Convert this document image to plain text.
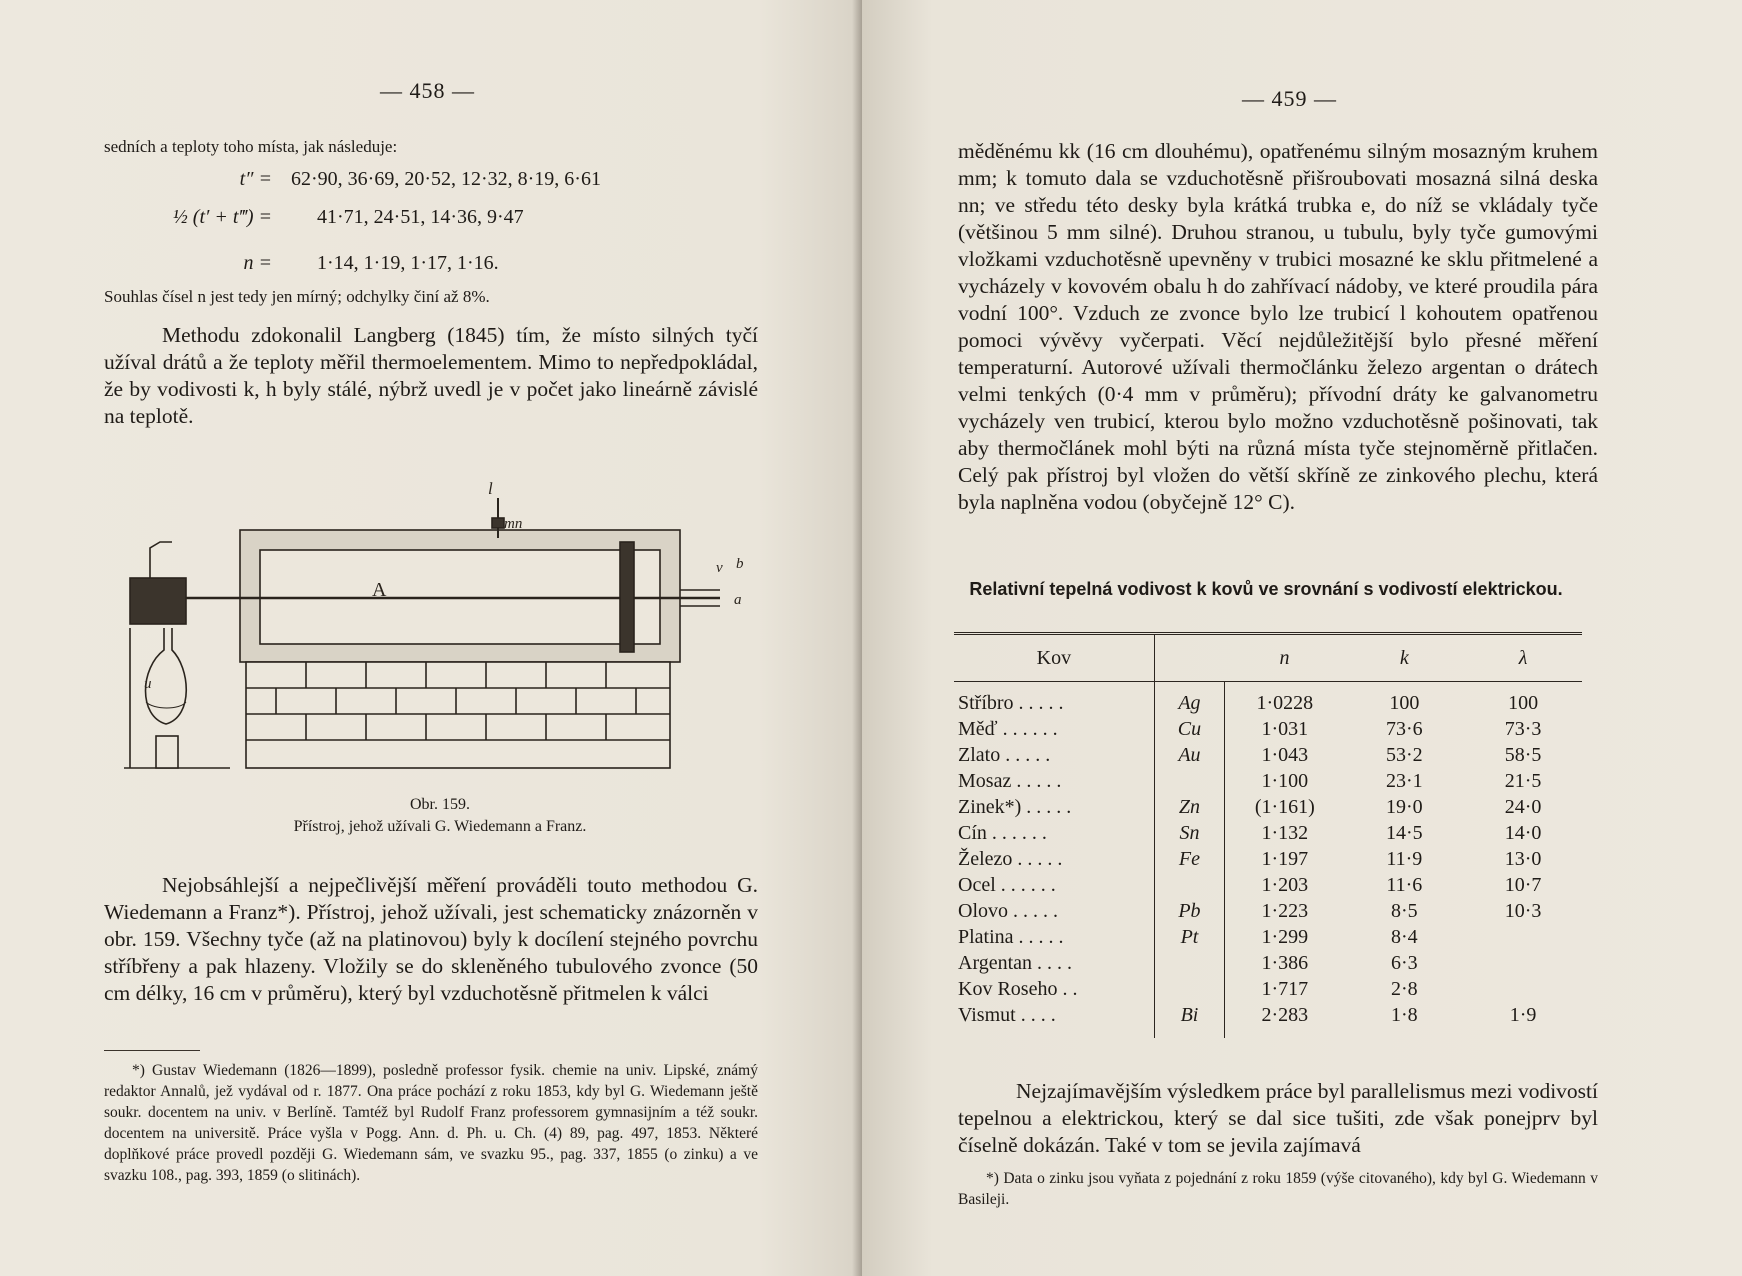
— 458 —
sedních a teploty toho místa, jak následuje:
t″ = 62·90, 36·69, 20·52, 12·32, 8·19, 6·61
½ (t′ + t‴) = 41·71, 24·51, 14·36, 9·47
n = 1·14, 1·19, 1·17, 1·16.
Souhlas čísel n jest tedy jen mírný; odchylky činí až 8%.
Methodu zdokonalil Langberg (1845) tím, že místo silných tyčí užíval drátů a že teploty měřil thermoelementem. Mimo to nepředpokládal, že by vodivosti k, h byly stálé, nýbrž uvedl je v počet jako lineárně závislé na teplotě.
A
l
mn
v b
a
u
Obr. 159.
Přístroj, jehož užívali G. Wiedemann a Franz.
Nejobsáhlejší a nejpečlivější měření prováděli touto methodou G. Wiedemann a Franz*). Přístroj, jehož užívali, jest schematicky znázorněn v obr. 159. Všechny tyče (až na platinovou) byly k docílení stejného povrchu stříbřeny a pak hlazeny. Vložily se do skleněného tubulového zvonce (50 cm délky, 16 cm v průměru), který byl vzduchotěsně přitmelen k válci
*) Gustav Wiedemann (1826—1899), posledně professor fysik. chemie na univ. Lipské, známý redaktor Annalů, jež vydával od r. 1877. Ona práce pochází z roku 1853, kdy byl G. Wiedemann ještě soukr. docentem na univ. v Berlíně. Tamtéž byl Rudolf Franz professorem gymnasijním a též soukr. docentem na universitě. Práce vyšla v Pogg. Ann. d. Ph. u. Ch. (4) 89, pag. 497, 1853. Některé doplňkové práce provedl později G. Wiedemann sám, ve svazku 95., pag. 337, 1855 (o zinku) a ve svazku 108., pag. 393, 1859 (o slitinách).
— 459 —
měděnému kk (16 cm dlouhému), opatřenému silným mosazným kruhem mm; k tomuto dala se vzduchotěsně přišroubovati mosazná silná deska nn; ve středu této desky byla krátká trubka e, do níž se vkládaly tyče (většinou 5 mm silné). Druhou stranou, u tubulu, byly tyče gumovými vložkami vzduchotěsně upevněny v trubici mosazné ke sklu přitmelené a vycházely v kovovém obalu h do zahřívací nádoby, ve které proudila pára vodní 100°. Vzduch ze zvonce bylo lze trubicí l kohoutem opatřenou pomoci vývěvy vyčerpati. Věcí nejdůležitější bylo přesné měření temperaturní. Autorové užívali thermočlánku železo argentan o drátech velmi tenkých (0·4 mm v průměru); přívodní dráty ke galvanometru vycházely ven trubicí, kterou bylo možno vzduchotěsně pošinovati, tak aby thermočlánek mohl býti na různá místa tyče stejnoměrně přitlačen. Celý pak přístroj byl vložen do větší skříně ze zinkového plechu, která byla naplněna vodou (obyčejně 12° C).
Relativní tepelná vodivost k kovů ve srovnání s vodivostí elektrickou.
Kov		n	k	λ
Stříbro . . . . .	Ag	1·0228	100	100
Měď . . . . . .	Cu	1·031	73·6	73·3
Zlato . . . . .	Au	1·043	53·2	58·5
Mosaz . . . . .		1·100	23·1	21·5
Zinek*) . . . . .	Zn	(1·161)	19·0	24·0
Cín . . . . . .	Sn	1·132	14·5	14·0
Železo . . . . .	Fe	1·197	11·9	13·0
Ocel . . . . . .		1·203	11·6	10·7
Olovo . . . . .	Pb	1·223	8·5	10·3
Platina . . . . .	Pt	1·299	8·4	
Argentan . . . .		1·386	6·3	
Kov Roseho . .		1·717	2·8	
Vismut . . . .	Bi	2·283	1·8	1·9
Nejzajímavějším výsledkem práce byl parallelismus mezi vodivostí tepelnou a elektrickou, který se dal sice tušiti, zde však ponejprv byl číselně dokázán. Také v tom se jevila zajímavá
*) Data o zinku jsou vyňata z pojednání z roku 1859 (výše citovaného), kdy byl G. Wiedemann v Basileji.
